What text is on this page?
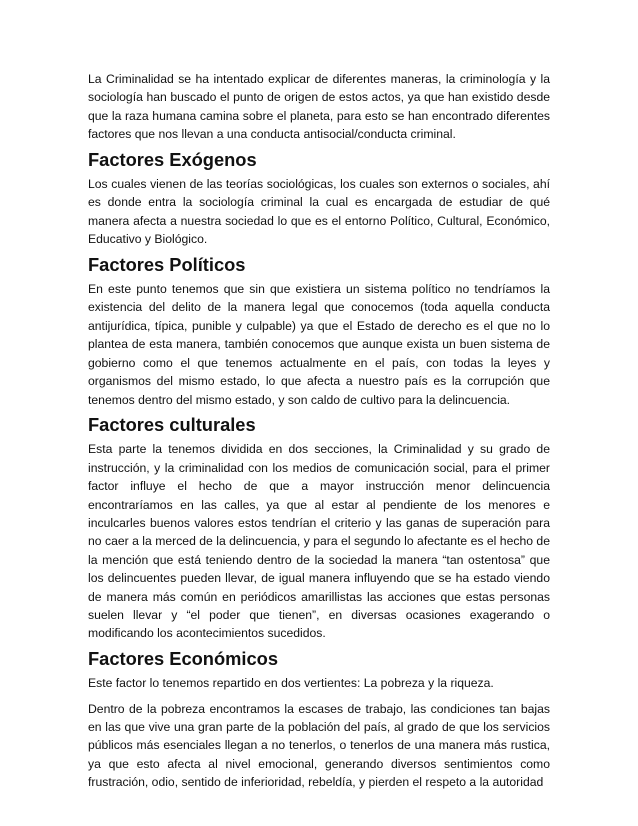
La Criminalidad se ha intentado explicar de diferentes maneras, la criminología y la sociología han buscado el punto de origen de estos actos, ya que han existido desde que la raza humana camina sobre el planeta, para esto se han encontrado diferentes factores que nos llevan a una conducta antisocial/conducta criminal.

Factores Exógenos

Los cuales vienen de las teorías sociológicas, los cuales son externos o sociales, ahí es donde entra la sociología criminal la cual es encargada de estudiar de qué manera afecta a nuestra sociedad lo que es el entorno Político, Cultural, Económico, Educativo y Biológico.

Factores Políticos

En este punto tenemos que sin que existiera un sistema político no tendríamos la existencia del delito de la manera legal que conocemos (toda aquella conducta antijurídica, típica, punible y culpable) ya que el Estado de derecho es el que no lo plantea de esta manera, también conocemos que aunque exista un buen sistema de gobierno como el que tenemos actualmente en el país, con todas la leyes y organismos del mismo estado, lo que afecta a nuestro país es la corrupción que tenemos dentro del mismo estado, y son caldo de cultivo para la delincuencia.

Factores culturales

Esta parte la tenemos dividida en dos secciones, la Criminalidad y su grado de instrucción, y la criminalidad con los medios de comunicación social, para el primer factor influye el hecho de que a mayor instrucción menor delincuencia encontraríamos en las calles, ya que al estar al pendiente de los menores e inculcarles buenos valores estos tendrían el criterio y las ganas de superación para no caer a la merced de la delincuencia, y para el segundo lo afectante es el hecho de la mención que está teniendo dentro de la sociedad la manera “tan ostentosa” que los delincuentes pueden llevar, de igual manera influyendo que se ha estado viendo de manera más común en periódicos amarillistas las acciones que estas personas suelen llevar y “el poder que tienen”, en diversas ocasiones exagerando o modificando los acontecimientos sucedidos.

Factores Económicos

Este factor lo tenemos repartido en dos vertientes: La pobreza y la riqueza.

Dentro de la pobreza encontramos la escases de trabajo, las condiciones tan bajas en las que vive una gran parte de la población del país, al grado de que los servicios públicos más esenciales llegan a no tenerlos, o tenerlos de una manera más rustica, ya que esto afecta al nivel emocional, generando diversos sentimientos como frustración, odio, sentido de inferioridad, rebeldía, y pierden el respeto a la autoridad
